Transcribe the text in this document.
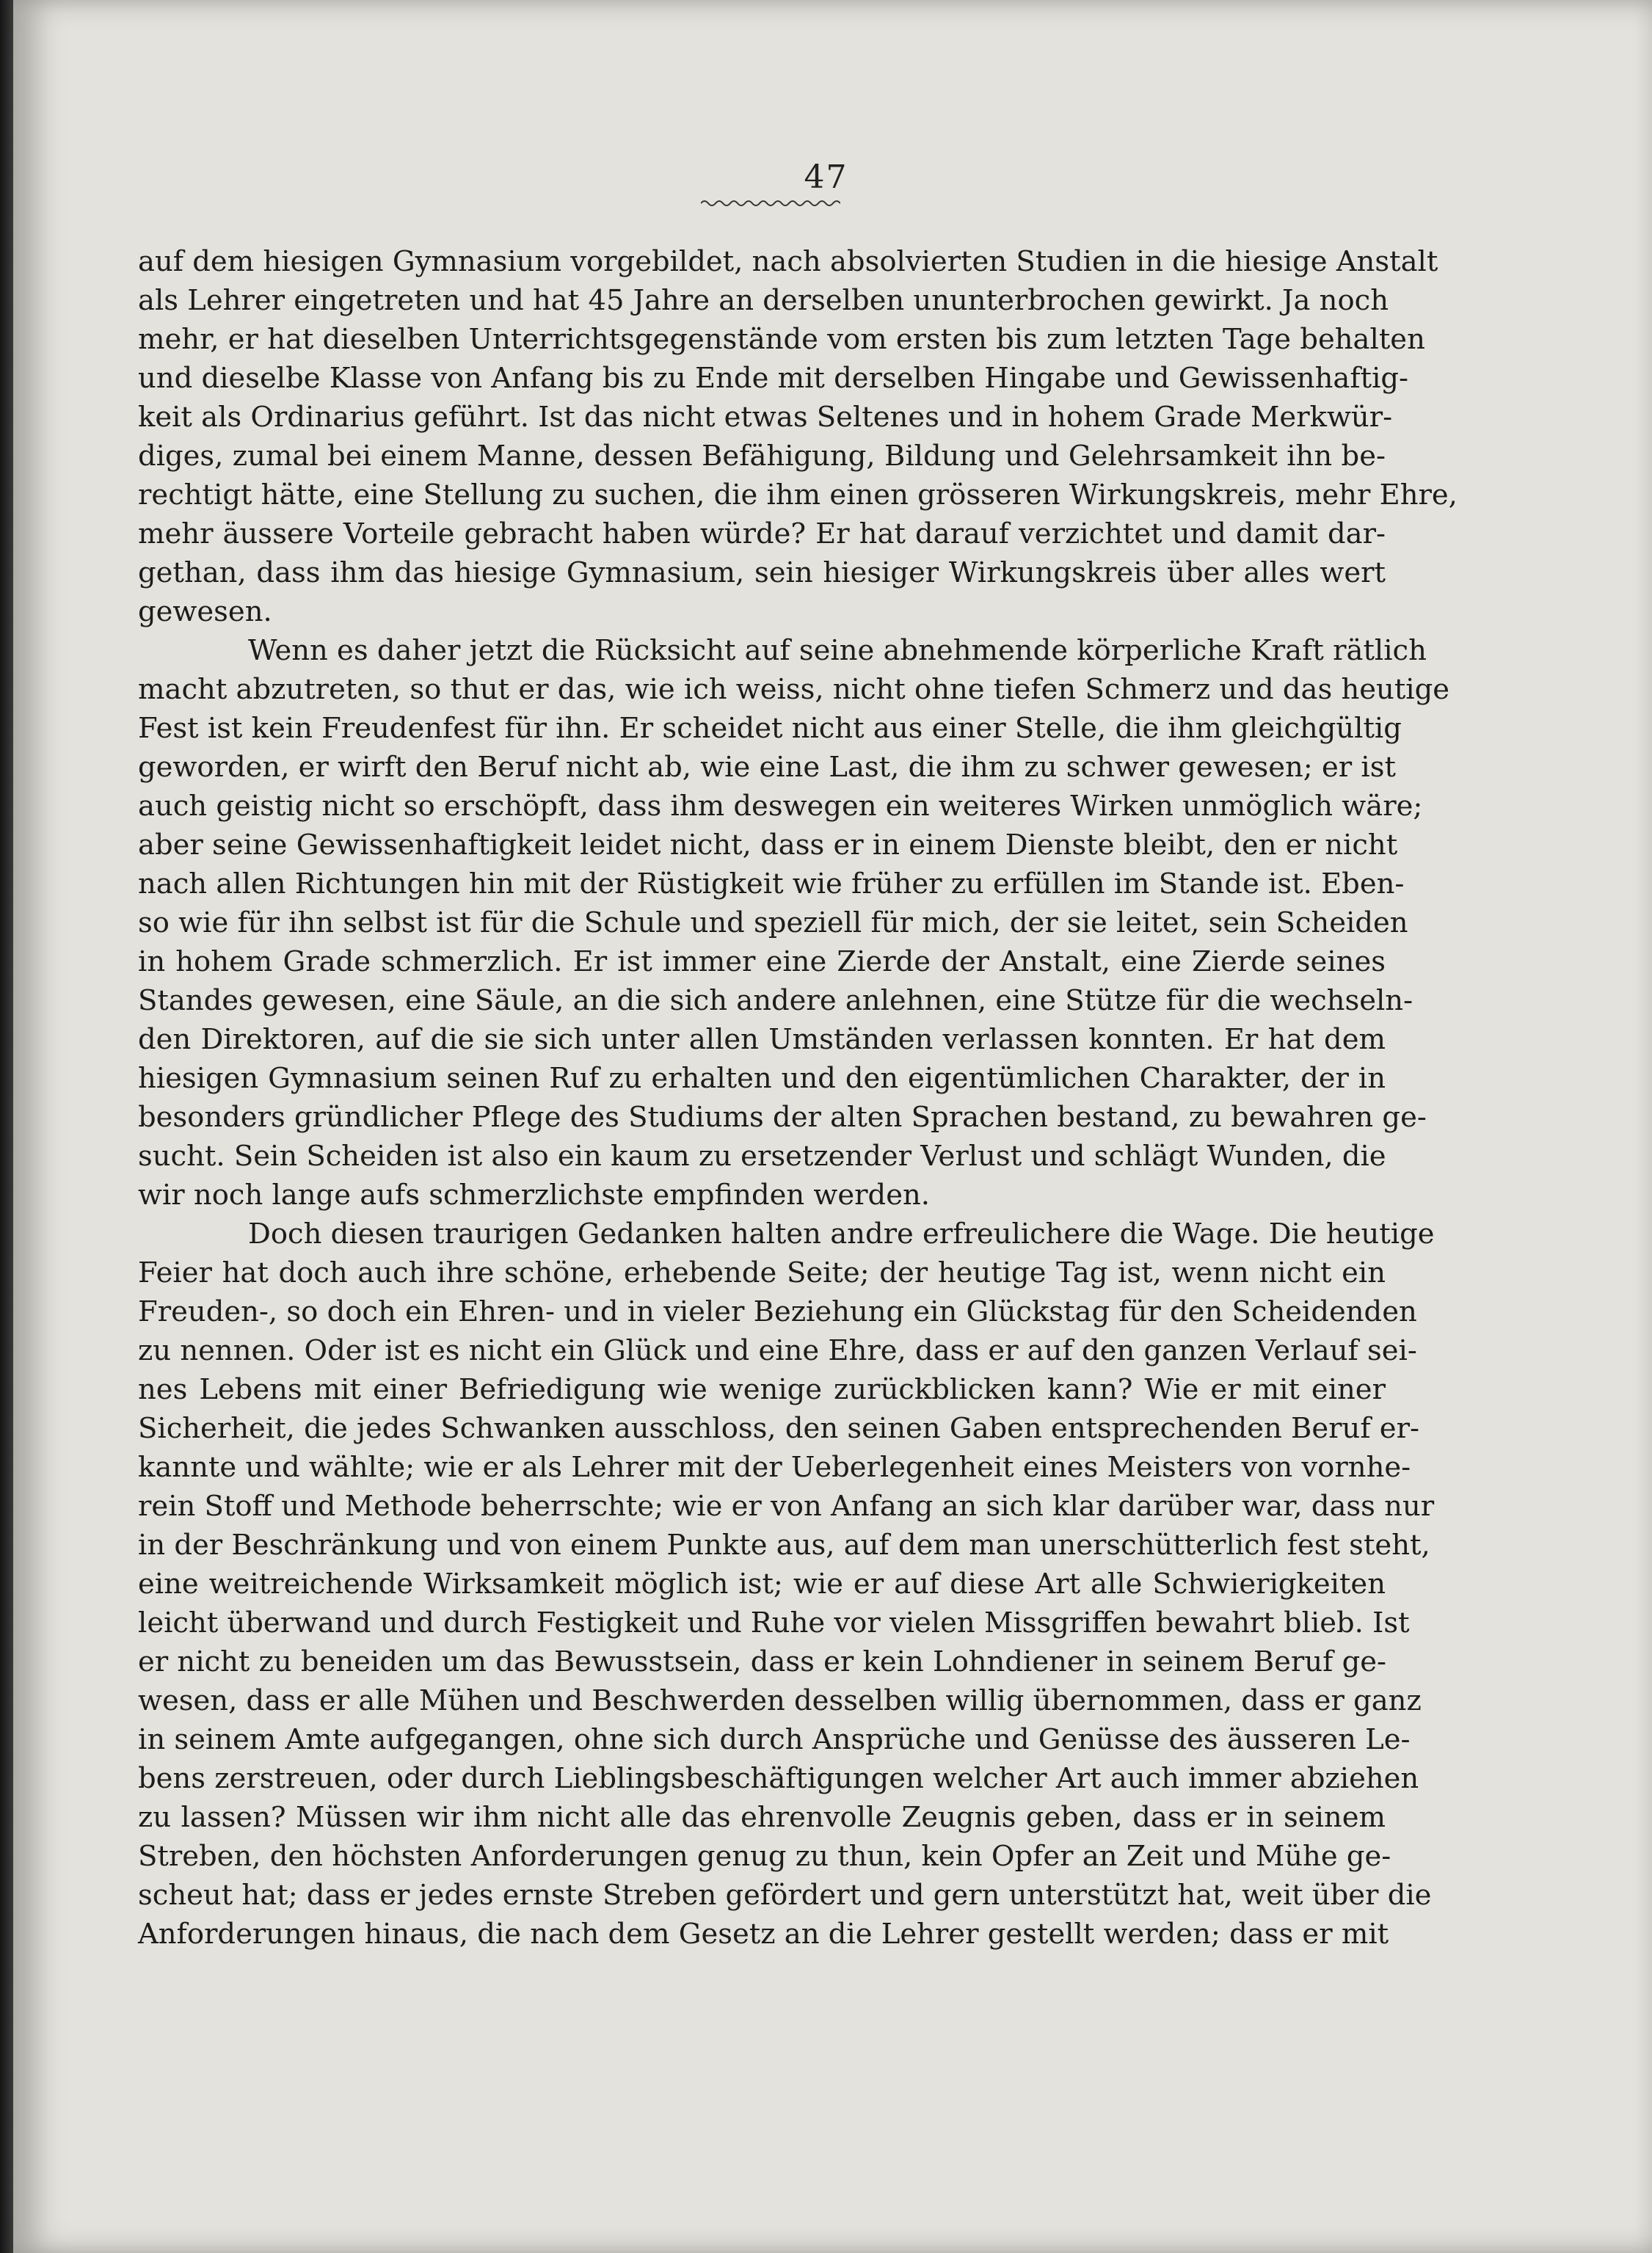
47
auf dem hiesigen Gymnasium vorgebildet, nach absolvierten Studien in die hiesige Anstalt
als Lehrer eingetreten und hat 45 Jahre an derselben ununterbrochen gewirkt. Ja noch
mehr, er hat dieselben Unterrichtsgegenstände vom ersten bis zum letzten Tage behalten
und dieselbe Klasse von Anfang bis zu Ende mit derselben Hingabe und Gewissenhaftig-
keit als Ordinarius geführt. Ist das nicht etwas Seltenes und in hohem Grade Merkwür-
diges, zumal bei einem Manne, dessen Befähigung, Bildung und Gelehrsamkeit ihn be-
rechtigt hätte, eine Stellung zu suchen, die ihm einen grösseren Wirkungskreis, mehr Ehre,
mehr äussere Vorteile gebracht haben würde? Er hat darauf verzichtet und damit dar-
gethan, dass ihm das hiesige Gymnasium, sein hiesiger Wirkungskreis über alles wert
gewesen.
Wenn es daher jetzt die Rücksicht auf seine abnehmende körperliche Kraft rätlich
macht abzutreten, so thut er das, wie ich weiss, nicht ohne tiefen Schmerz und das heutige
Fest ist kein Freudenfest für ihn. Er scheidet nicht aus einer Stelle, die ihm gleichgültig
geworden, er wirft den Beruf nicht ab, wie eine Last, die ihm zu schwer gewesen; er ist
auch geistig nicht so erschöpft, dass ihm deswegen ein weiteres Wirken unmöglich wäre;
aber seine Gewissenhaftigkeit leidet nicht, dass er in einem Dienste bleibt, den er nicht
nach allen Richtungen hin mit der Rüstigkeit wie früher zu erfüllen im Stande ist. Eben-
so wie für ihn selbst ist für die Schule und speziell für mich, der sie leitet, sein Scheiden
in hohem Grade schmerzlich. Er ist immer eine Zierde der Anstalt, eine Zierde seines
Standes gewesen, eine Säule, an die sich andere anlehnen, eine Stütze für die wechseln-
den Direktoren, auf die sie sich unter allen Umständen verlassen konnten. Er hat dem
hiesigen Gymnasium seinen Ruf zu erhalten und den eigentümlichen Charakter, der in
besonders gründlicher Pflege des Studiums der alten Sprachen bestand, zu bewahren ge-
sucht. Sein Scheiden ist also ein kaum zu ersetzender Verlust und schlägt Wunden, die
wir noch lange aufs schmerzlichste empfinden werden.
Doch diesen traurigen Gedanken halten andre erfreulichere die Wage. Die heutige
Feier hat doch auch ihre schöne, erhebende Seite; der heutige Tag ist, wenn nicht ein
Freuden-, so doch ein Ehren- und in vieler Beziehung ein Glückstag für den Scheidenden
zu nennen. Oder ist es nicht ein Glück und eine Ehre, dass er auf den ganzen Verlauf sei-
nes Lebens mit einer Befriedigung wie wenige zurückblicken kann? Wie er mit einer
Sicherheit, die jedes Schwanken ausschloss, den seinen Gaben entsprechenden Beruf er-
kannte und wählte; wie er als Lehrer mit der Ueberlegenheit eines Meisters von vornhe-
rein Stoff und Methode beherrschte; wie er von Anfang an sich klar darüber war, dass nur
in der Beschränkung und von einem Punkte aus, auf dem man unerschütterlich fest steht,
eine weitreichende Wirksamkeit möglich ist; wie er auf diese Art alle Schwierigkeiten
leicht überwand und durch Festigkeit und Ruhe vor vielen Missgriffen bewahrt blieb. Ist
er nicht zu beneiden um das Bewusstsein, dass er kein Lohndiener in seinem Beruf ge-
wesen, dass er alle Mühen und Beschwerden desselben willig übernommen, dass er ganz
in seinem Amte aufgegangen, ohne sich durch Ansprüche und Genüsse des äusseren Le-
bens zerstreuen, oder durch Lieblingsbeschäftigungen welcher Art auch immer abziehen
zu lassen? Müssen wir ihm nicht alle das ehrenvolle Zeugnis geben, dass er in seinem
Streben, den höchsten Anforderungen genug zu thun, kein Opfer an Zeit und Mühe ge-
scheut hat; dass er jedes ernste Streben gefördert und gern unterstützt hat, weit über die
Anforderungen hinaus, die nach dem Gesetz an die Lehrer gestellt werden; dass er mit
